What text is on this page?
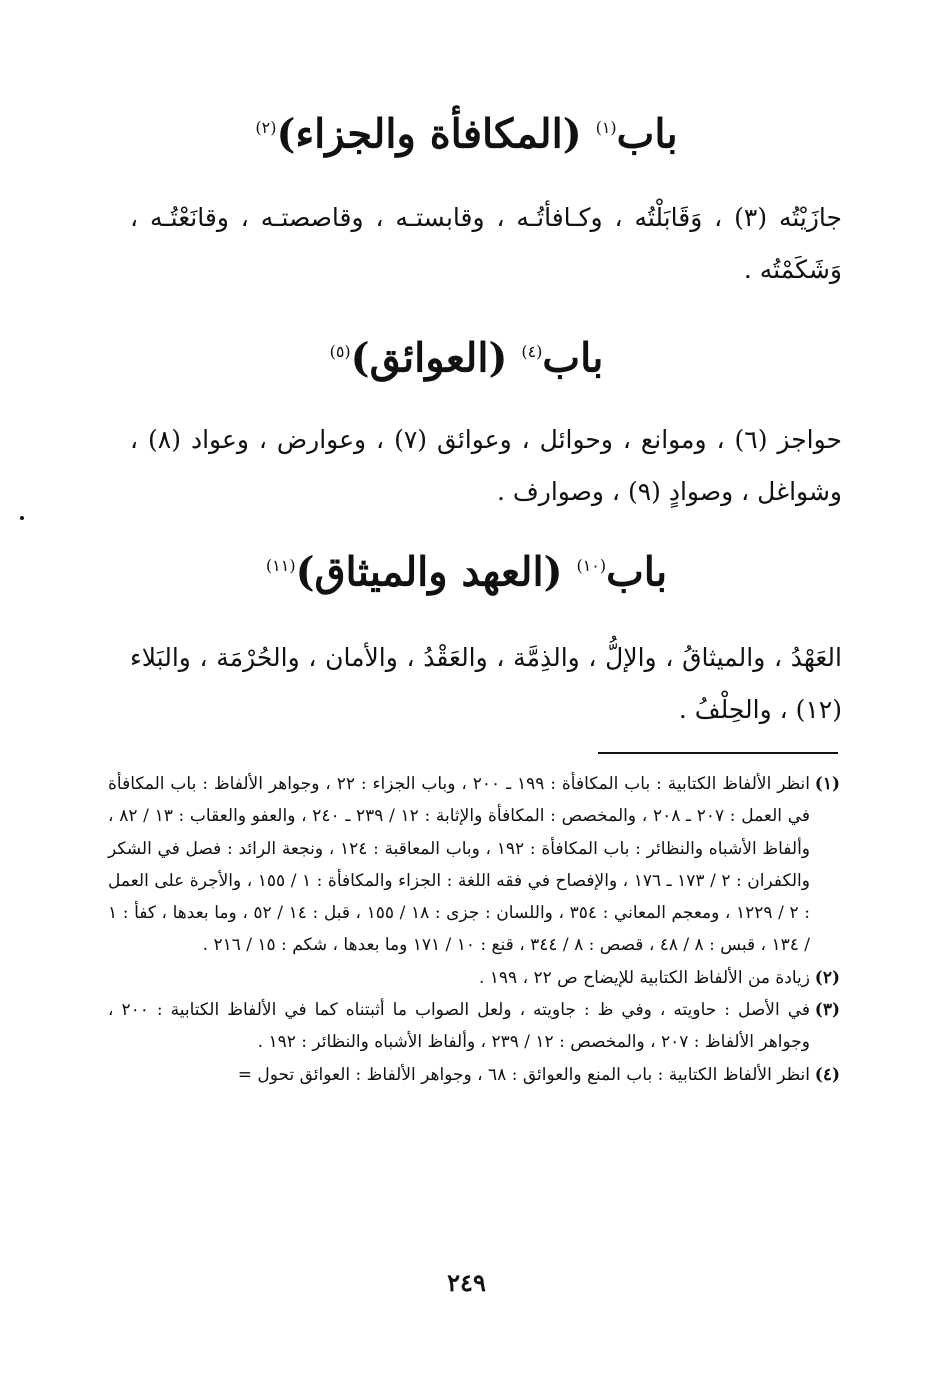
باب$^{(١)}$ (المكافأة والجزاء)$^{(٢)}$
جازَيْتُه (٣) ، وَقَابَلْتُه ، وكـافأتُـه ، وقابستـه ، وقاصصتـه ، وقانَعْتُـه ، وَشَكَمْتُه .
باب$^{(٤)}$ (العوائق)$^{(٥)}$
حواجز (٦) ، وموانع ، وحوائل ، وعوائق (٧) ، وعوارض ، وعواد (٨) ، وشواغل ، وصوادٍ (٩) ، وصوارف .
باب$^{(١٠)}$ (العهد والميثاق)$^{(١١)}$
العَهْدُ ، والميثاقُ ، والإلُّ ، والذِمَّة ، والعَقْدُ ، والأمان ، والحُرْمَة ، والبَلاء (١٢) ، والحِلْفُ .

(١)
انظر الألفاظ الكتابية : باب المكافأة : ١٩٩ ـ ٢٠٠ ، وباب الجزاء : ٢٢ ، وجواهر الألفاظ : باب المكافأة في العمل : ٢٠٧ ـ ٢٠٨ ، والمخصص : المكافأة والإثابة : ١٢ / ٢٣٩ ـ ٢٤٠ ، والعفو والعقاب : ١٣ / ٨٢ ، وألفاظ الأشباه والنظائر : باب المكافأة : ١٩٢ ، وباب المعاقبة : ١٢٤ ، ونجعة الرائد : فصل في الشكر والكفران : ٢ / ١٧٣ ـ ١٧٦ ، والإفصاح في فقه اللغة : الجزاء والمكافأة : ١ / ١٥٥ ، والأجرة على العمل : ٢ / ١٢٢٩ ، ومعجم المعاني : ٣٥٤ ، واللسان : جزى : ١٨ / ١٥٥ ، قبل : ١٤ / ٥٢ ، وما بعدها ، كفأ : ١ / ١٣٤ ، قبس : ٨ / ٤٨ ، قصص : ٨ / ٣٤٤ ، قنع : ١٠ / ١٧١ وما بعدها ، شكم : ١٥ / ٢١٦ .

(٢)
زيادة من الألفاظ الكتابية للإيضاح ص ٢٢ ، ١٩٩ .

(٣)
في الأصل : حاويته ، وفي ظ : جاويته ، ولعل الصواب ما أثبتناه كما في الألفاظ الكتابية : ٢٠٠ ، وجواهر الألفاظ : ٢٠٧ ، والمخصص : ١٢ / ٢٣٩ ، وألفاظ الأشباه والنظائر : ١٩٢ .

(٤)
انظر الألفاظ الكتابية : باب المنع والعوائق : ٦٨ ، وجواهر الألفاظ : العوائق تحول =

٢٤٩
